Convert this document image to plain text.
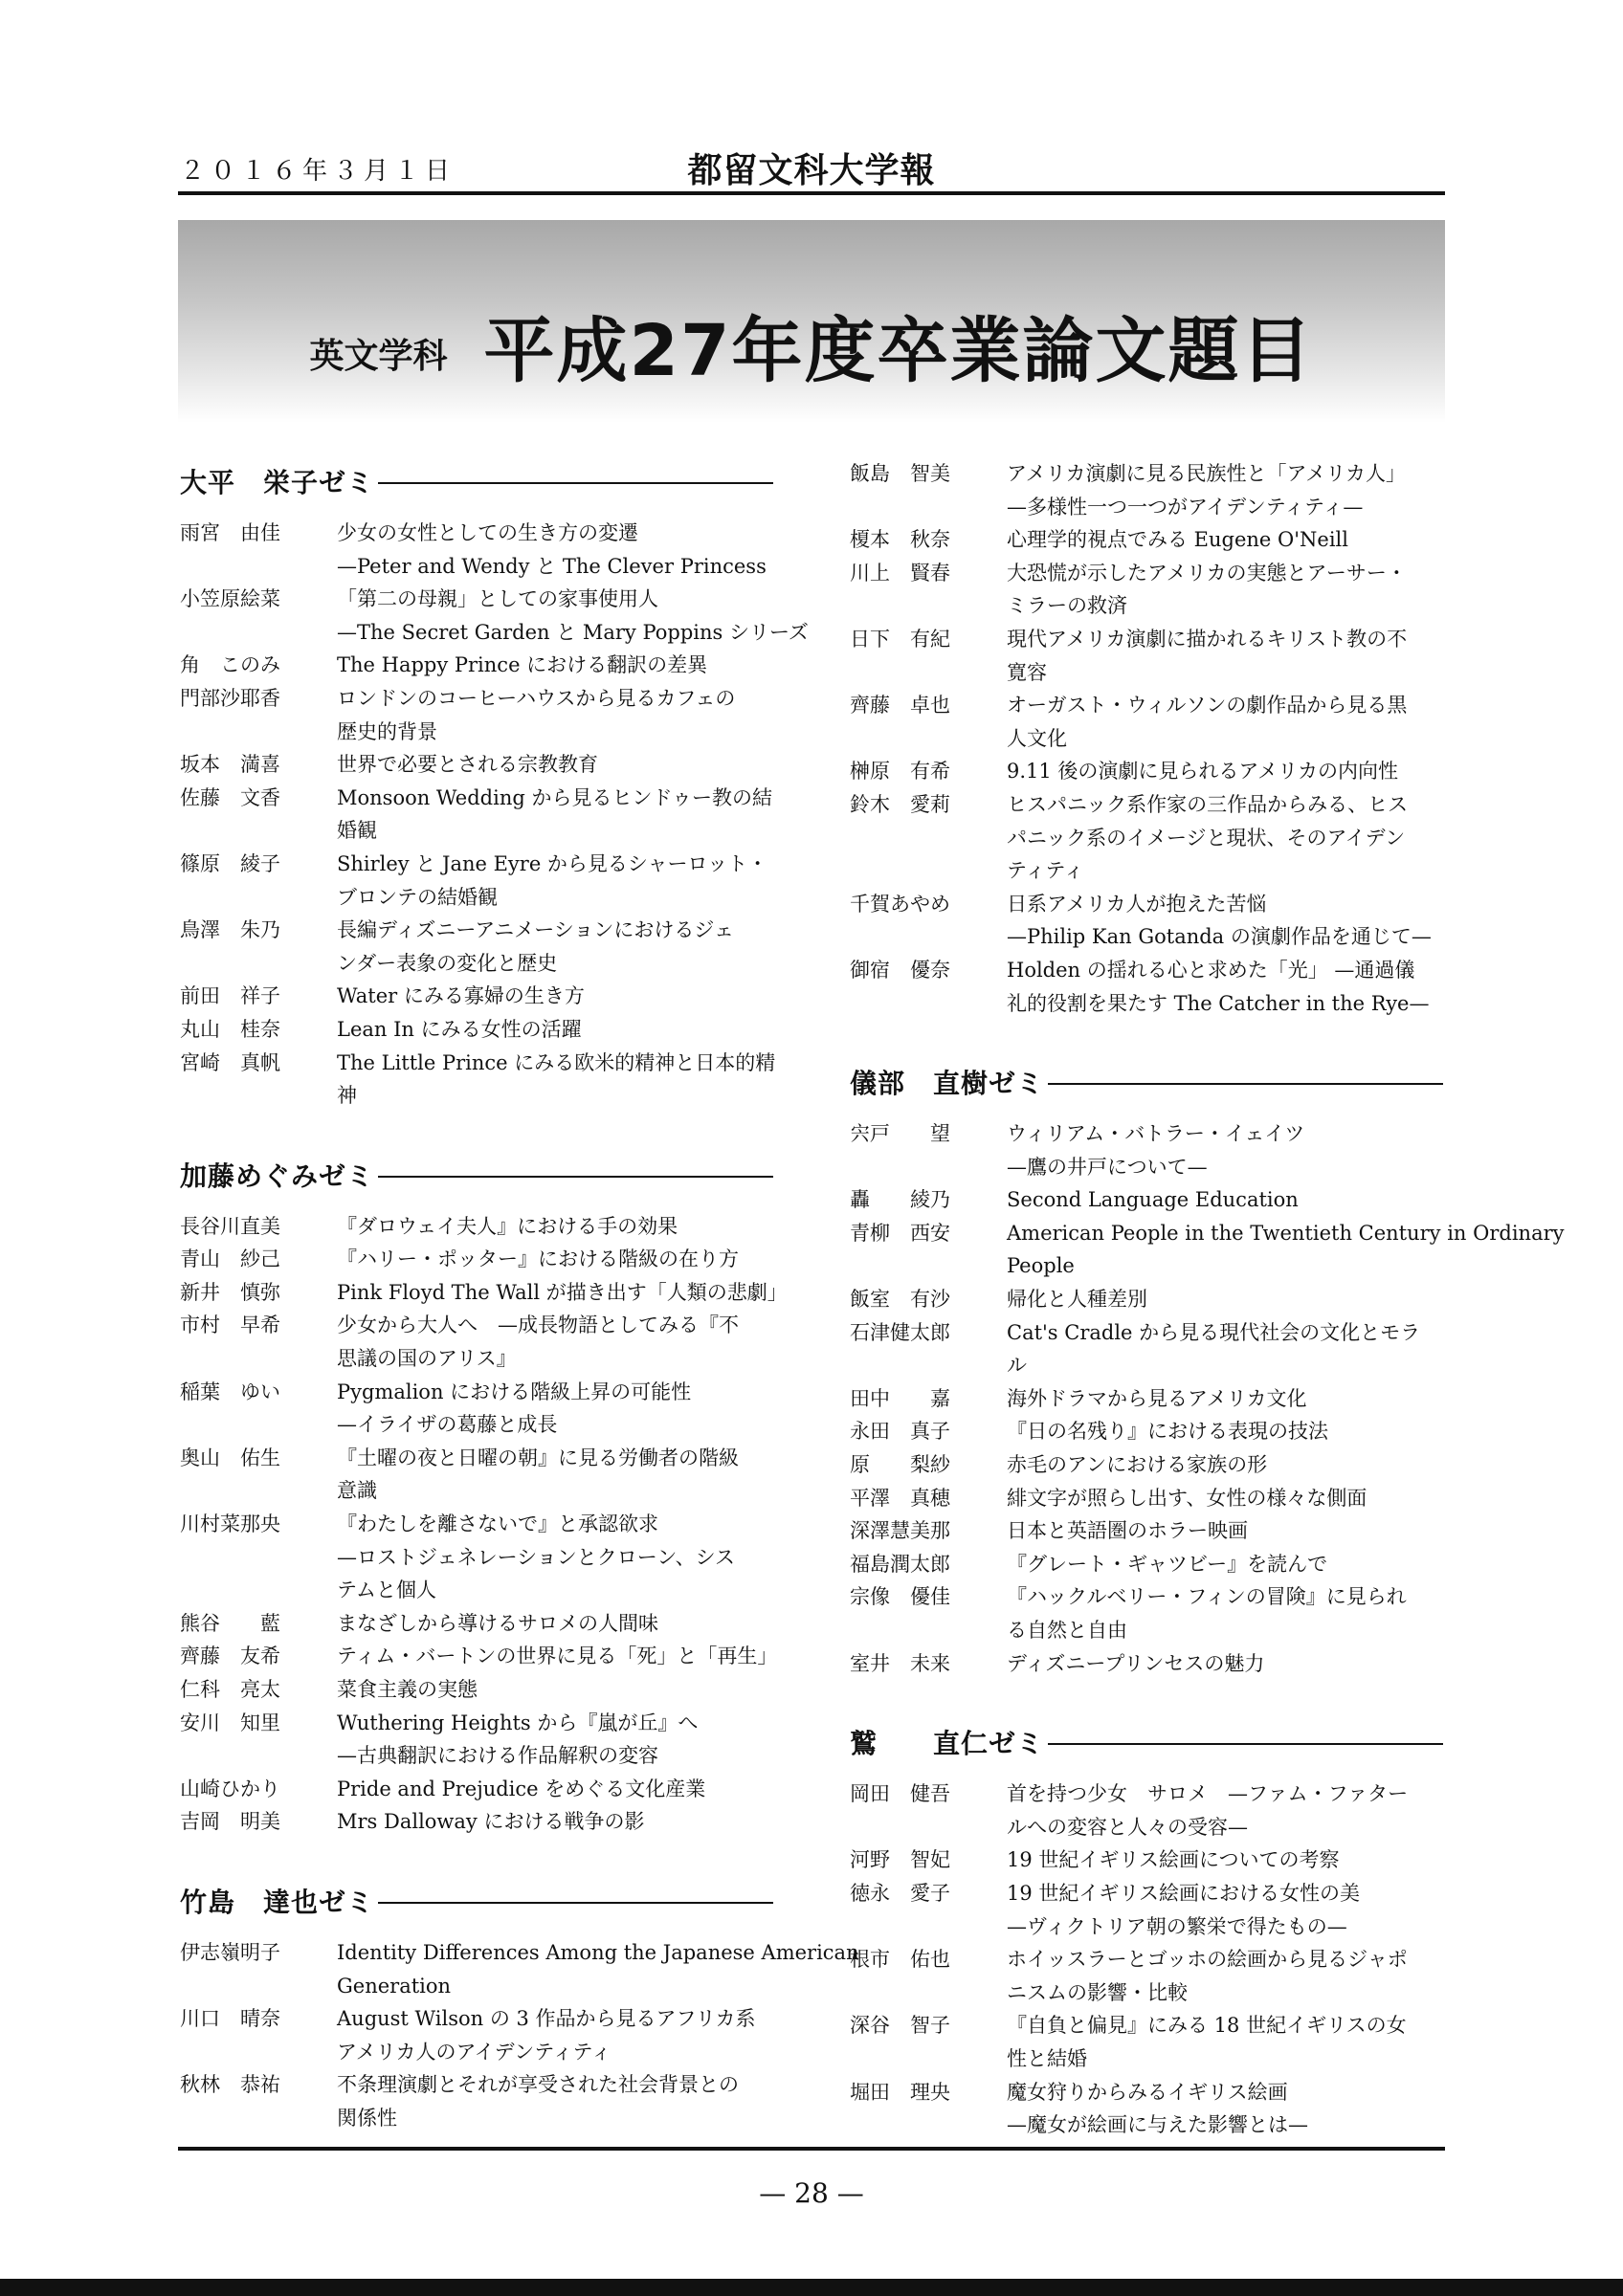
２０１６年３月１日	都留文科大学報
英文学科 平成27年度卒業論文題目
大平　栄子ゼミ
雨宮　由佳	少女の女性としての生き方の変遷
—Peter and Wendy と The Clever Princess
小笠原絵菜	「第二の母親」としての家事使用人
—The Secret Garden と Mary Poppins シリーズ
角　このみ	The Happy Prince における翻訳の差異
門部沙耶香	ロンドンのコーヒーハウスから見るカフェの
歴史的背景
坂本　満喜	世界で必要とされる宗教教育
佐藤　文香	Monsoon Wedding から見るヒンドゥー教の結
婚観
篠原　綾子	Shirley と Jane Eyre から見るシャーロット・
ブロンテの結婚観
鳥澤　朱乃	長編ディズニーアニメーションにおけるジェ
ンダー表象の変化と歴史
前田　祥子	Water にみる寡婦の生き方
丸山　桂奈	Lean In にみる女性の活躍
宮崎　真帆	The Little Prince にみる欧米的精神と日本的精
神
加藤めぐみゼミ
長谷川直美	『ダロウェイ夫人』における手の効果
青山　紗己	『ハリー・ポッター』における階級の在り方
新井　慎弥	Pink Floyd The Wall が描き出す「人類の悲劇」
市村　早希	少女から大人へ　—成長物語としてみる『不
思議の国のアリス』
稲葉　ゆい	Pygmalion における階級上昇の可能性
—イライザの葛藤と成長
奥山　佑生	『土曜の夜と日曜の朝』に見る労働者の階級
意識
川村菜那央	『わたしを離さないで』と承認欲求
—ロストジェネレーションとクローン、シス
テムと個人
熊谷　　藍	まなざしから導けるサロメの人間味
齊藤　友希	ティム・バートンの世界に見る「死」と「再生」
仁科　亮太	菜食主義の実態
安川　知里	Wuthering Heights から『嵐が丘』へ
—古典翻訳における作品解釈の変容
山崎ひかり	Pride and Prejudice をめぐる文化産業
吉岡　明美	Mrs Dalloway における戦争の影
竹島　達也ゼミ
伊志嶺明子	Identity Differences Among the Japanese American
Generation
川口　晴奈	August Wilson の 3 作品から見るアフリカ系
アメリカ人のアイデンティティ
秋林　恭祐	不条理演劇とそれが享受された社会背景との
関係性
飯島　智美	アメリカ演劇に見る民族性と「アメリカ人」
—多様性一つ一つがアイデンティティ—
榎本　秋奈	心理学的視点でみる Eugene O'Neill
川上　賢春	大恐慌が示したアメリカの実態とアーサー・
ミラーの救済
日下　有紀	現代アメリカ演劇に描かれるキリスト教の不
寛容
齊藤　卓也	オーガスト・ウィルソンの劇作品から見る黒
人文化
榊原　有希	9.11 後の演劇に見られるアメリカの内向性
鈴木　愛莉	ヒスパニック系作家の三作品からみる、ヒス
パニック系のイメージと現状、そのアイデン
ティティ
千賀あやめ	日系アメリカ人が抱えた苦悩
—Philip Kan Gotanda の演劇作品を通じて—
御宿　優奈	Holden の揺れる心と求めた「光」 —通過儀
礼的役割を果たす The Catcher in the Rye—
儀部　直樹ゼミ
宍戸　　望	ウィリアム・バトラー・イェイツ
—鷹の井戸について—
轟　　綾乃	Second Language Education
青柳　西安	American People in the Twentieth Century in Ordinary
People
飯室　有沙	帰化と人種差別
石津健太郎	Cat's Cradle から見る現代社会の文化とモラ
ル
田中　　嘉	海外ドラマから見るアメリカ文化
永田　真子	『日の名残り』における表現の技法
原　　梨紗	赤毛のアンにおける家族の形
平澤　真穂	緋文字が照らし出す、女性の様々な側面
深澤慧美那	日本と英語圏のホラー映画
福島潤太郎	『グレート・ギャツビー』を読んで
宗像　優佳	『ハックルベリー・フィンの冒険』に見られ
る自然と自由
室井　未来	ディズニープリンセスの魅力
鷲　　直仁ゼミ
岡田　健吾	首を持つ少女　サロメ　—ファム・ファター
ルへの変容と人々の受容—
河野　智妃	19 世紀イギリス絵画についての考察
徳永　愛子	19 世紀イギリス絵画における女性の美
—ヴィクトリア朝の繁栄で得たもの—
根市　佑也	ホイッスラーとゴッホの絵画から見るジャポ
ニスムの影響・比較
深谷　智子	『自負と偏見』にみる 18 世紀イギリスの女
性と結婚
堀田　理央	魔女狩りからみるイギリス絵画
—魔女が絵画に与えた影響とは—
— 28 —
